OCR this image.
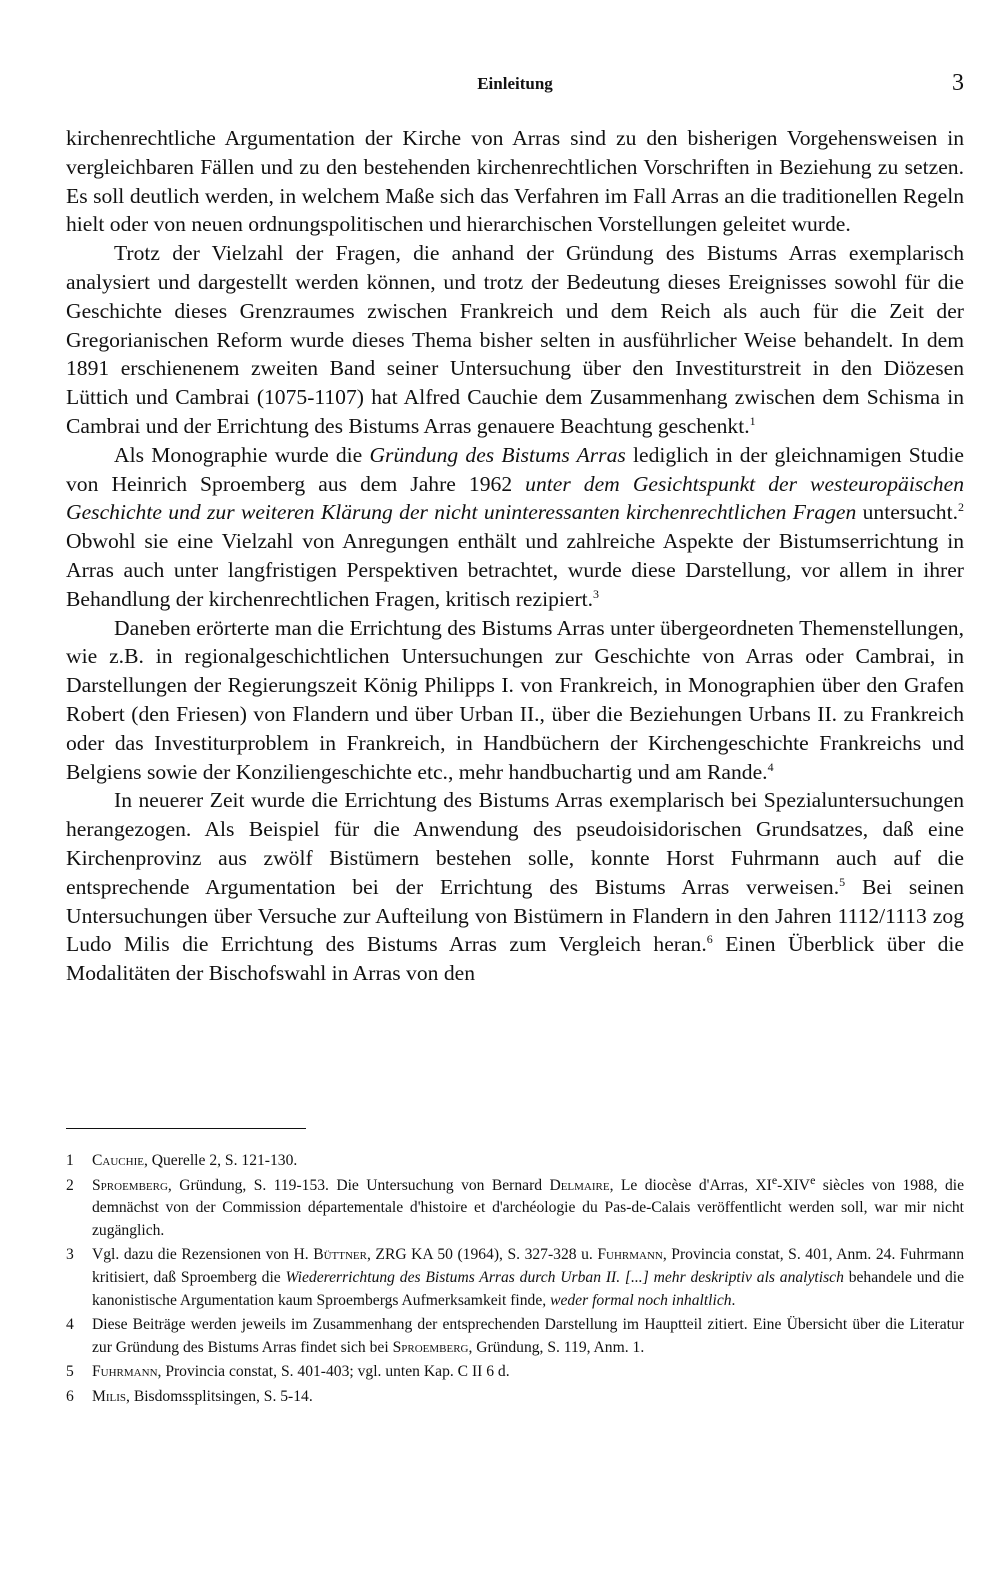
Einleitung	3

kirchenrechtliche Argumentation der Kirche von Arras sind zu den bisherigen Vorgehensweisen in vergleichbaren Fällen und zu den bestehenden kirchenrechtlichen Vorschriften in Beziehung zu setzen. Es soll deutlich werden, in welchem Maße sich das Verfahren im Fall Arras an die traditionellen Regeln hielt oder von neuen ordnungspolitischen und hierarchischen Vorstellungen geleitet wurde.

Trotz der Vielzahl der Fragen, die anhand der Gründung des Bistums Arras exemplarisch analysiert und dargestellt werden können, und trotz der Bedeutung dieses Ereignisses sowohl für die Geschichte dieses Grenzraumes zwischen Frankreich und dem Reich als auch für die Zeit der Gregorianischen Reform wurde dieses Thema bisher selten in ausführlicher Weise behandelt. In dem 1891 erschienenem zweiten Band seiner Untersuchung über den Investiturstreit in den Diözesen Lüttich und Cambrai (1075-1107) hat Alfred Cauchie dem Zusammenhang zwischen dem Schisma in Cambrai und der Errichtung des Bistums Arras genauere Beachtung geschenkt.$^1$

Als Monographie wurde die Gründung des Bistums Arras lediglich in der gleichnamigen Studie von Heinrich Sproemberg aus dem Jahre 1962 unter dem Gesichtspunkt der westeuropäischen Geschichte und zur weiteren Klärung der nicht uninteressanten kirchenrechtlichen Fragen untersucht.$^2$ Obwohl sie eine Vielzahl von Anregungen enthält und zahlreiche Aspekte der Bistumserrichtung in Arras auch unter langfristigen Perspektiven betrachtet, wurde diese Darstellung, vor allem in ihrer Behandlung der kirchenrechtlichen Fragen, kritisch rezipiert.$^3$

Daneben erörterte man die Errichtung des Bistums Arras unter übergeordneten Themenstellungen, wie z.B. in regionalgeschichtlichen Untersuchungen zur Geschichte von Arras oder Cambrai, in Darstellungen der Regierungszeit König Philipps I. von Frankreich, in Monographien über den Grafen Robert (den Friesen) von Flandern und über Urban II., über die Beziehungen Urbans II. zu Frankreich oder das Investiturproblem in Frankreich, in Handbüchern der Kirchengeschichte Frankreichs und Belgiens sowie der Konziliengeschichte etc., mehr handbuchartig und am Rande.$^4$

In neuerer Zeit wurde die Errichtung des Bistums Arras exemplarisch bei Spezialuntersuchungen herangezogen. Als Beispiel für die Anwendung des pseudoisidorischen Grundsatzes, daß eine Kirchenprovinz aus zwölf Bistümern bestehen solle, konnte Horst Fuhrmann auch auf die entsprechende Argumentation bei der Errichtung des Bistums Arras verweisen.$^5$ Bei seinen Untersuchungen über Versuche zur Aufteilung von Bistümern in Flandern in den Jahren 1112/1113 zog Ludo Milis die Errichtung des Bistums Arras zum Vergleich heran.$^6$ Einen Überblick über die Modalitäten der Bischofswahl in Arras von den

1	Cauchie, Querelle 2, S. 121-130.
2	Sproemberg, Gründung, S. 119-153. Die Untersuchung von Bernard Delmaire, Le diocèse d'Arras, XIe-XIVe siècles von 1988, die demnächst von der Commission départementale d'histoire et d'archéologie du Pas-de-Calais veröffentlicht werden soll, war mir nicht zugänglich.
3	Vgl. dazu die Rezensionen von H. Büttner, ZRG KA 50 (1964), S. 327-328 u. Fuhrmann, Provincia constat, S. 401, Anm. 24. Fuhrmann kritisiert, daß Sproemberg die Wiedererrichtung des Bistums Arras durch Urban II. [...] mehr deskriptiv als analytisch behandele und die kanonistische Argumentation kaum Sproembergs Aufmerksamkeit finde, weder formal noch inhaltlich.
4	Diese Beiträge werden jeweils im Zusammenhang der entsprechenden Darstellung im Hauptteil zitiert. Eine Übersicht über die Literatur zur Gründung des Bistums Arras findet sich bei Sproemberg, Gründung, S. 119, Anm. 1.
5	Fuhrmann, Provincia constat, S. 401-403; vgl. unten Kap. C II 6 d.
6	Milis, Bisdomssplitsingen, S. 5-14.
